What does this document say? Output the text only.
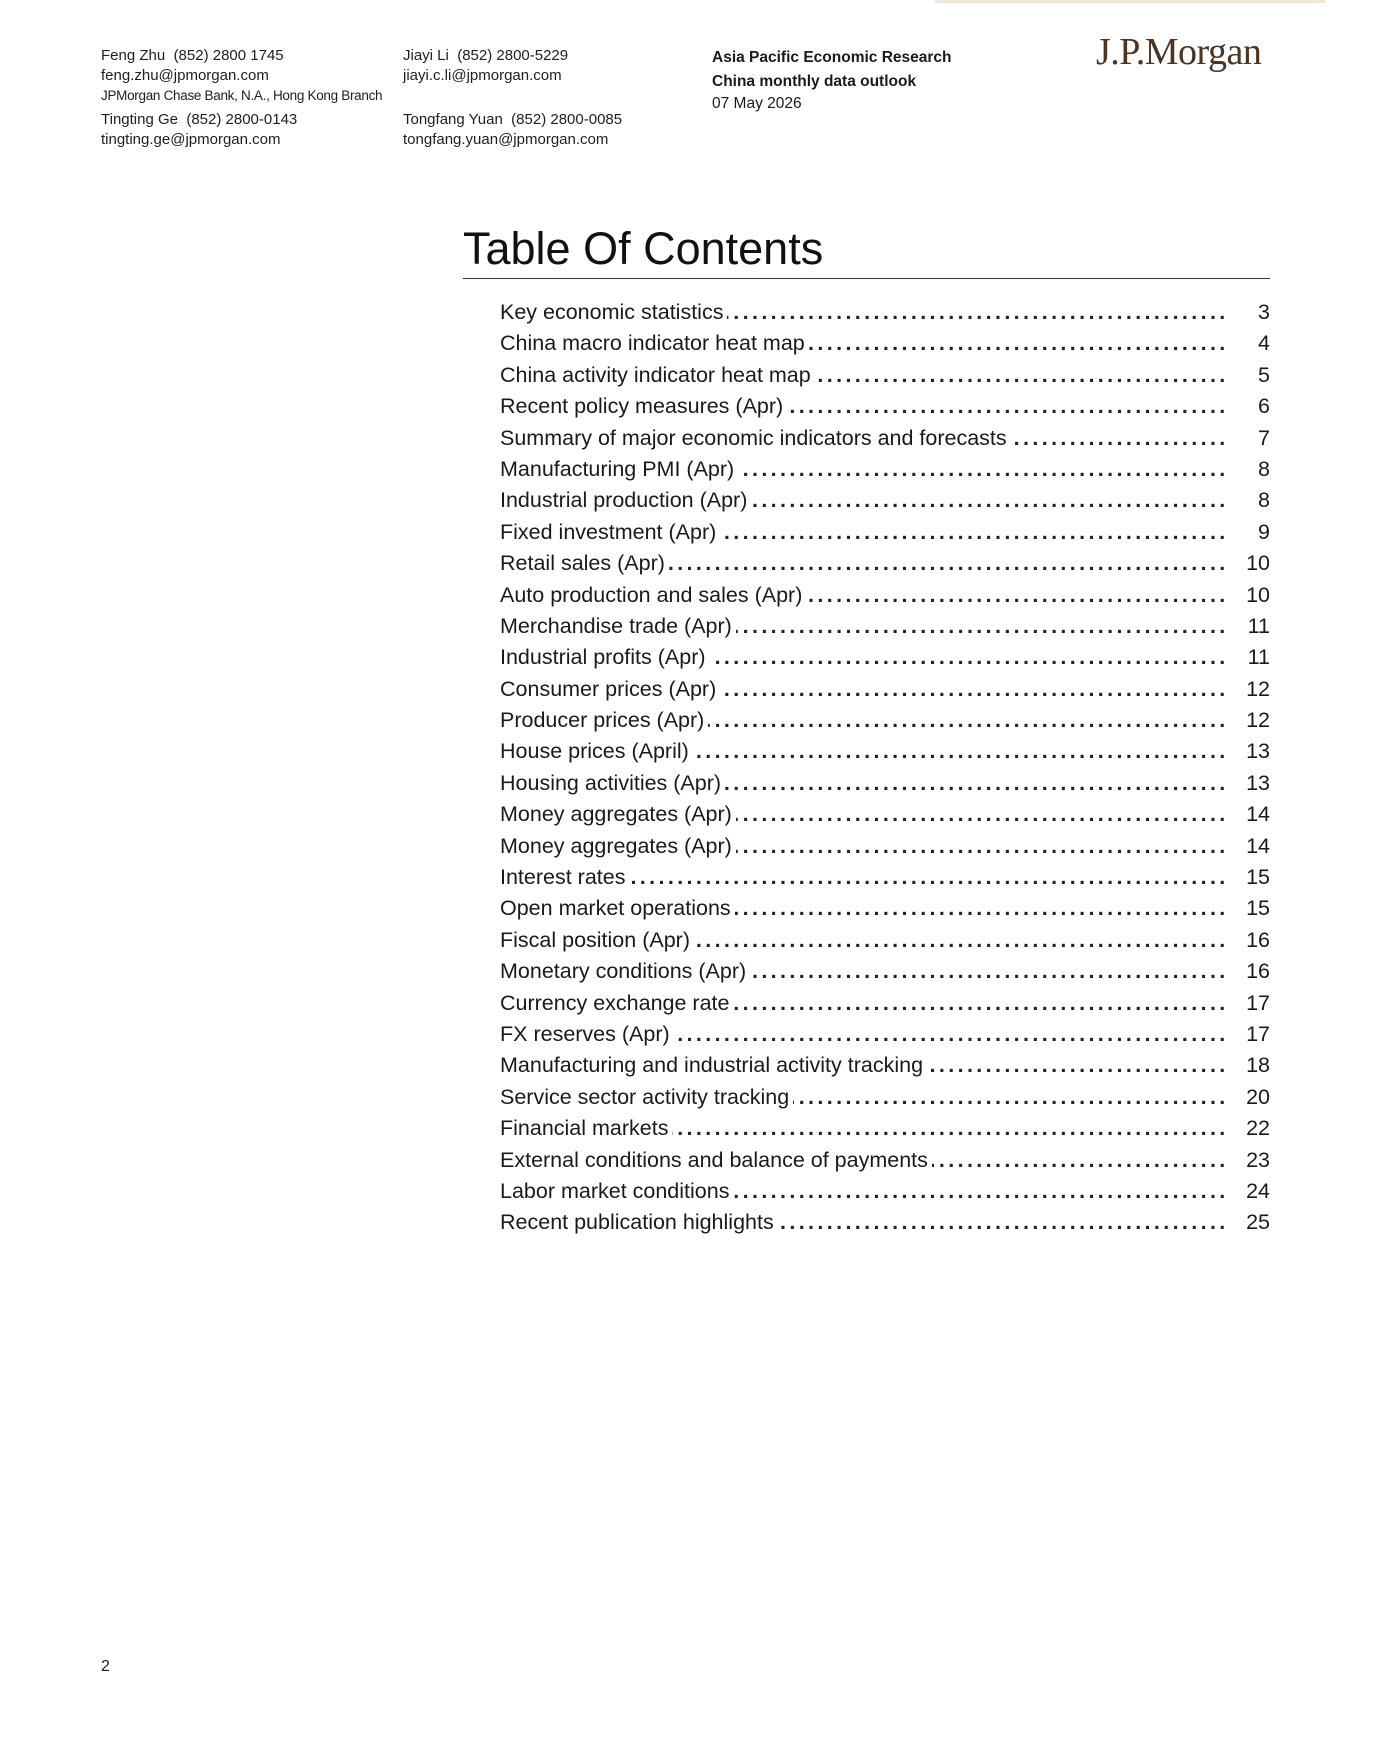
Feng Zhu (852) 2800 1745
feng.zhu@jpmorgan.com
JPMorgan Chase Bank, N.A., Hong Kong Branch
Tingting Ge (852) 2800-0143
tingting.ge@jpmorgan.com
Jiayi Li (852) 2800-5229
jiayi.c.li@jpmorgan.com
Tongfang Yuan (852) 2800-0085
tongfang.yuan@jpmorgan.com
Asia Pacific Economic Research
China monthly data outlook
07 May 2026
J.P.Morgan
Table Of Contents
Key economic statistics . . .	3
China macro indicator heat map . . .	4
China activity indicator heat map . . .	5
Recent policy measures (Apr) . . .	6
Summary of major economic indicators and forecasts . . .	7
Manufacturing PMI (Apr) . . .	8
Industrial production (Apr) . . .	8
Fixed investment (Apr) . . .	9
Retail sales (Apr) . . .	10
Auto production and sales (Apr) . . .	10
Merchandise trade (Apr) . . .	11
Industrial profits (Apr) . . .	11
Consumer prices (Apr) . . .	12
Producer prices (Apr) . . .	12
House prices (April) . . .	13
Housing activities (Apr) . . .	13
Money aggregates (Apr) . . .	14
Money aggregates (Apr) . . .	14
Interest rates . . .	15
Open market operations . . .	15
Fiscal position (Apr) . . .	16
Monetary conditions (Apr) . . .	16
Currency exchange rate . . .	17
FX reserves (Apr) . . .	17
Manufacturing and industrial activity tracking . . .	18
Service sector activity tracking . . .	20
Financial markets . . .	22
External conditions and balance of payments . . .	23
Labor market conditions . . .	24
Recent publication highlights . . .	25
2
